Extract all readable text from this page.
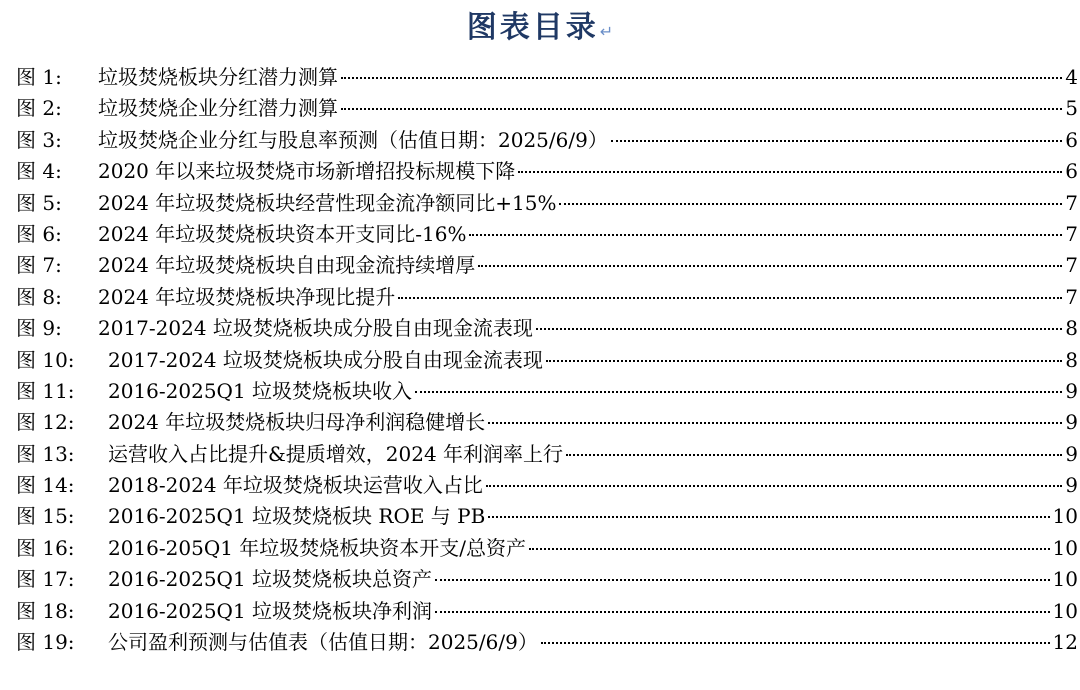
图表目录↵
图 1:	垃圾焚烧板块分红潜力测算	4
图 2:	垃圾焚烧企业分红潜力测算	5
图 3:	垃圾焚烧企业分红与股息率预测（估值日期：2025/6/9）	6
图 4:	2020 年以来垃圾焚烧市场新增招投标规模下降	6
图 5:	2024 年垃圾焚烧板块经营性现金流净额同比+15%	7
图 6:	2024 年垃圾焚烧板块资本开支同比-16%	7
图 7:	2024 年垃圾焚烧板块自由现金流持续增厚	7
图 8:	2024 年垃圾焚烧板块净现比提升	7
图 9:	2017-2024 垃圾焚烧板块成分股自由现金流表现	8
图 10:	2017-2024 垃圾焚烧板块成分股自由现金流表现	8
图 11:	2016-2025Q1 垃圾焚烧板块收入	9
图 12:	2024 年垃圾焚烧板块归母净利润稳健增长	9
图 13:	运营收入占比提升&提质增效，2024 年利润率上行	9
图 14:	2018-2024 年垃圾焚烧板块运营收入占比	9
图 15:	2016-2025Q1 垃圾焚烧板块 ROE 与 PB	10
图 16:	2016-205Q1 年垃圾焚烧板块资本开支/总资产	10
图 17:	2016-2025Q1 垃圾焚烧板块总资产	10
图 18:	2016-2025Q1 垃圾焚烧板块净利润	10
图 19:	公司盈利预测与估值表（估值日期：2025/6/9）	12
